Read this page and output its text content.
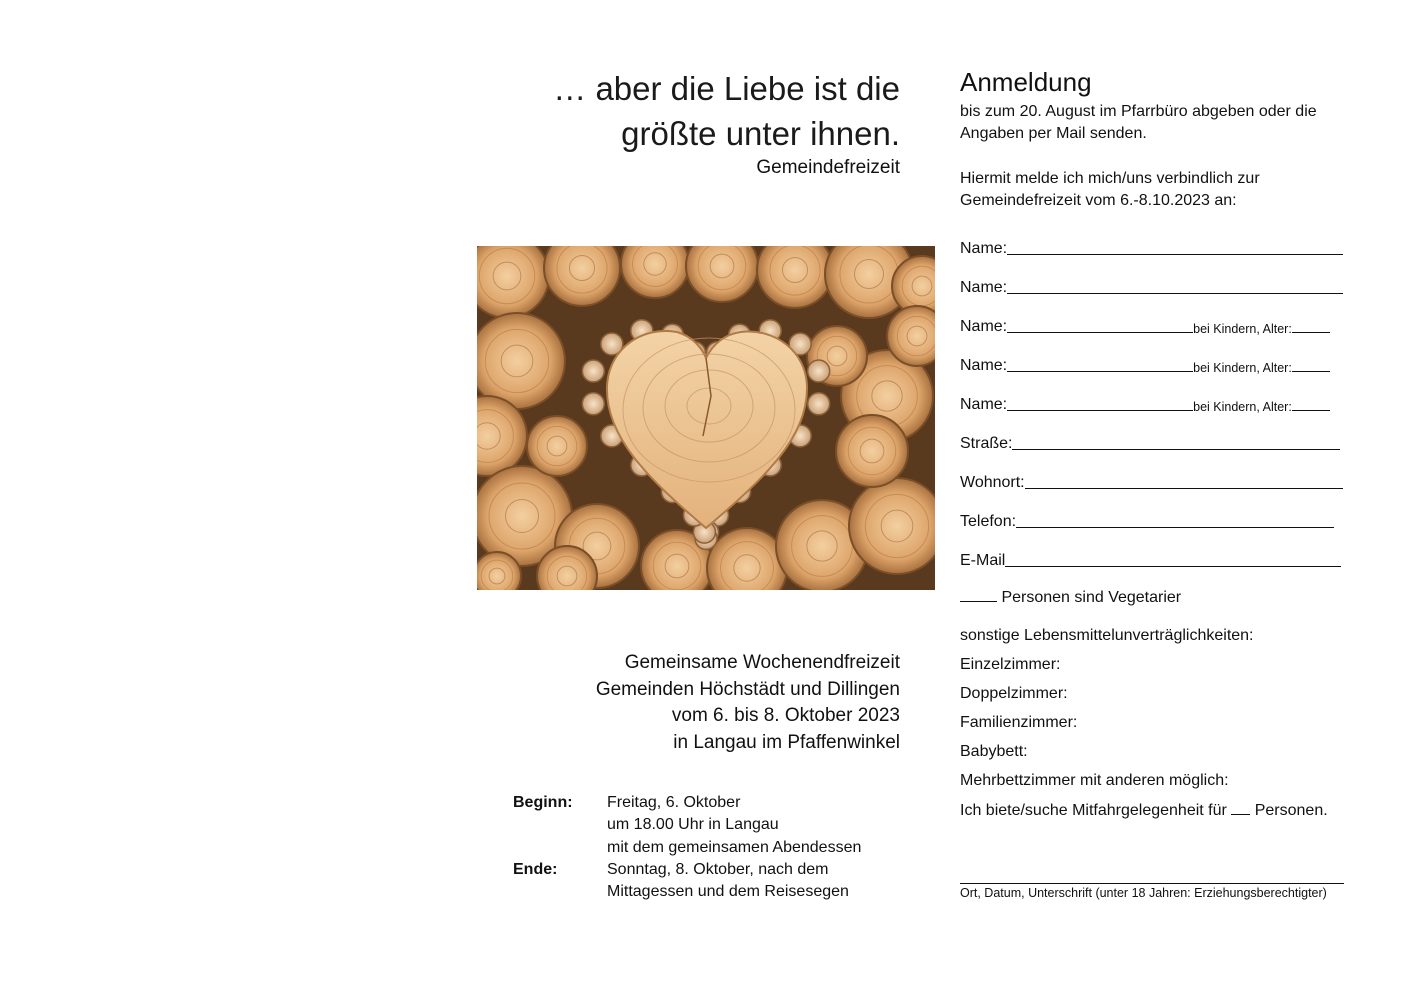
… aber die Liebe ist die
größte unter ihnen.
Gemeindefreizeit
Gemeinsame Wochenendfreizeit
Gemeinden Höchstädt und Dillingen
vom 6. bis 8. Oktober 2023
in Langau im Pfaffenwinkel
Beginn:	Freitag, 6. Oktober
um 18.00 Uhr in Langau
mit dem gemeinsamen Abendessen
Ende:	Sonntag, 8. Oktober, nach dem
Mittagessen und dem Reisesegen
Anmeldung
bis zum 20. August im Pfarrbüro abgeben oder die
Angaben per Mail senden.
Hiermit melde ich mich/uns verbindlich zur
Gemeindefreizeit vom 6.-8.10.2023 an:
Name:
Name:
Name:	bei Kindern, Alter:
Name:	bei Kindern, Alter:
Name:	bei Kindern, Alter:
Straße:
Wohnort:
Telefon:
E-Mail
Personen sind Vegetarier
sonstige Lebensmittelunverträglichkeiten:
Einzelzimmer:
Doppelzimmer:
Familienzimmer:
Babybett:
Mehrbettzimmer mit anderen möglich:
Ich biete/suche Mitfahrgelegenheit für Personen.
Ort, Datum, Unterschrift (unter 18 Jahren: Erziehungsberechtigter)
